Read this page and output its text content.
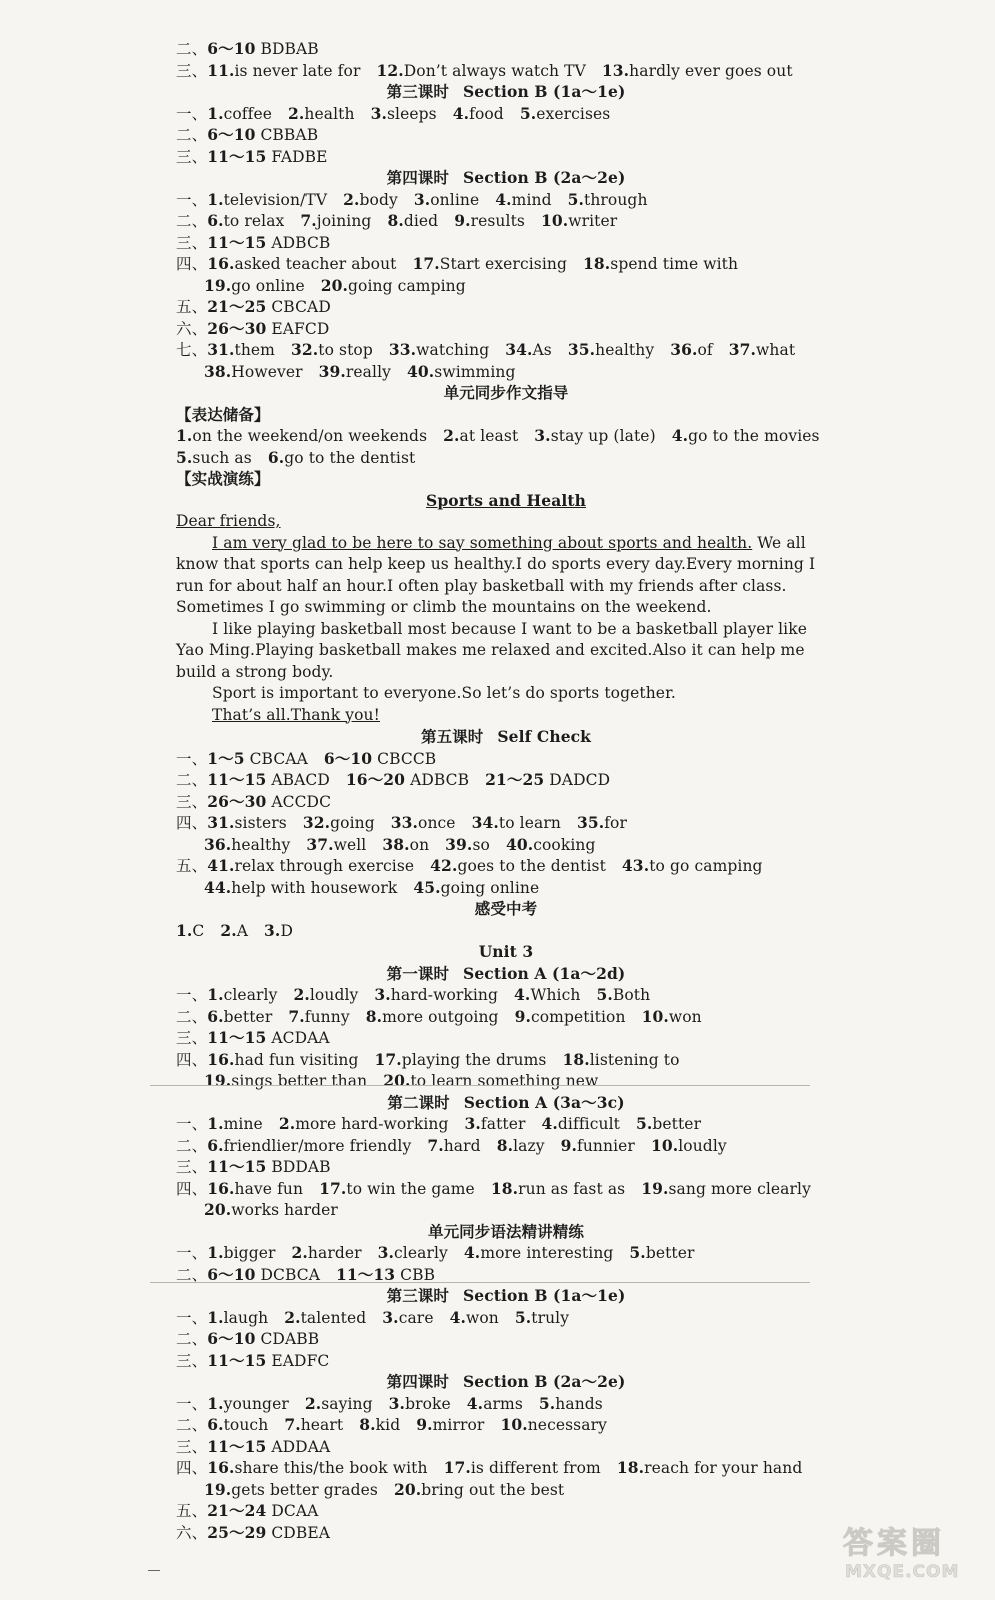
二、6～10 BDBAB
三、11.is never late for 12.Don’t always watch TV 13.hardly ever goes out
第三课时 Section B (1a～1e)
一、1.coffee 2.health 3.sleeps 4.food 5.exercises
二、6～10 CBBAB
三、11～15 FADBE
第四课时 Section B (2a～2e)
一、1.television/TV 2.body 3.online 4.mind 5.through
二、6.to relax 7.joining 8.died 9.results 10.writer
三、11～15 ADBCB
四、16.asked teacher about 17.Start exercising 18.spend time with
19.go online 20.going camping
五、21～25 CBCAD
六、26～30 EAFCD
七、31.them 32.to stop 33.watching 34.As 35.healthy 36.of 37.what
38.However 39.really 40.swimming
单元同步作文指导
【表达储备】
1.on the weekend/on weekends 2.at least 3.stay up (late) 4.go to the movies
5.such as 6.go to the dentist
【实战演练】
Sports and Health
Dear friends,
I am very glad to be here to say something about sports and health. We all
know that sports can help keep us healthy.I do sports every day.Every morning I
run for about half an hour.I often play basketball with my friends after class.
Sometimes I go swimming or climb the mountains on the weekend.
I like playing basketball most because I want to be a basketball player like
Yao Ming.Playing basketball makes me relaxed and excited.Also it can help me
build a strong body.
Sport is important to everyone.So let’s do sports together.
That’s all.Thank you!
第五课时 Self Check
一、1～5 CBCAA 6～10 CBCCB
二、11～15 ABACD 16～20 ADBCB 21～25 DADCD
三、26～30 ACCDC
四、31.sisters 32.going 33.once 34.to learn 35.for
36.healthy 37.well 38.on 39.so 40.cooking
五、41.relax through exercise 42.goes to the dentist 43.to go camping
44.help with housework 45.going online
感受中考
1.C 2.A 3.D
Unit 3
第一课时 Section A (1a～2d)
一、1.clearly 2.loudly 3.hard-working 4.Which 5.Both
二、6.better 7.funny 8.more outgoing 9.competition 10.won
三、11～15 ACDAA
四、16.had fun visiting 17.playing the drums 18.listening to
19.sings better than 20.to learn something new
第二课时 Section A (3a～3c)
一、1.mine 2.more hard-working 3.fatter 4.difficult 5.better
二、6.friendlier/more friendly 7.hard 8.lazy 9.funnier 10.loudly
三、11～15 BDDAB
四、16.have fun 17.to win the game 18.run as fast as 19.sang more clearly
20.works harder
单元同步语法精讲精练
一、1.bigger 2.harder 3.clearly 4.more interesting 5.better
二、6～10 DCBCA 11～13 CBB
第三课时 Section B (1a～1e)
一、1.laugh 2.talented 3.care 4.won 5.truly
二、6～10 CDABB
三、11～15 EADFC
第四课时 Section B (2a～2e)
一、1.younger 2.saying 3.broke 4.arms 5.hands
二、6.touch 7.heart 8.kid 9.mirror 10.necessary
三、11～15 ADDAA
四、16.share this/the book with 17.is different from 18.reach for your hand
19.gets better grades 20.bring out the best
五、21～24 DCAA
六、25～29 CDBEA	答案圈
MXQE.COM
